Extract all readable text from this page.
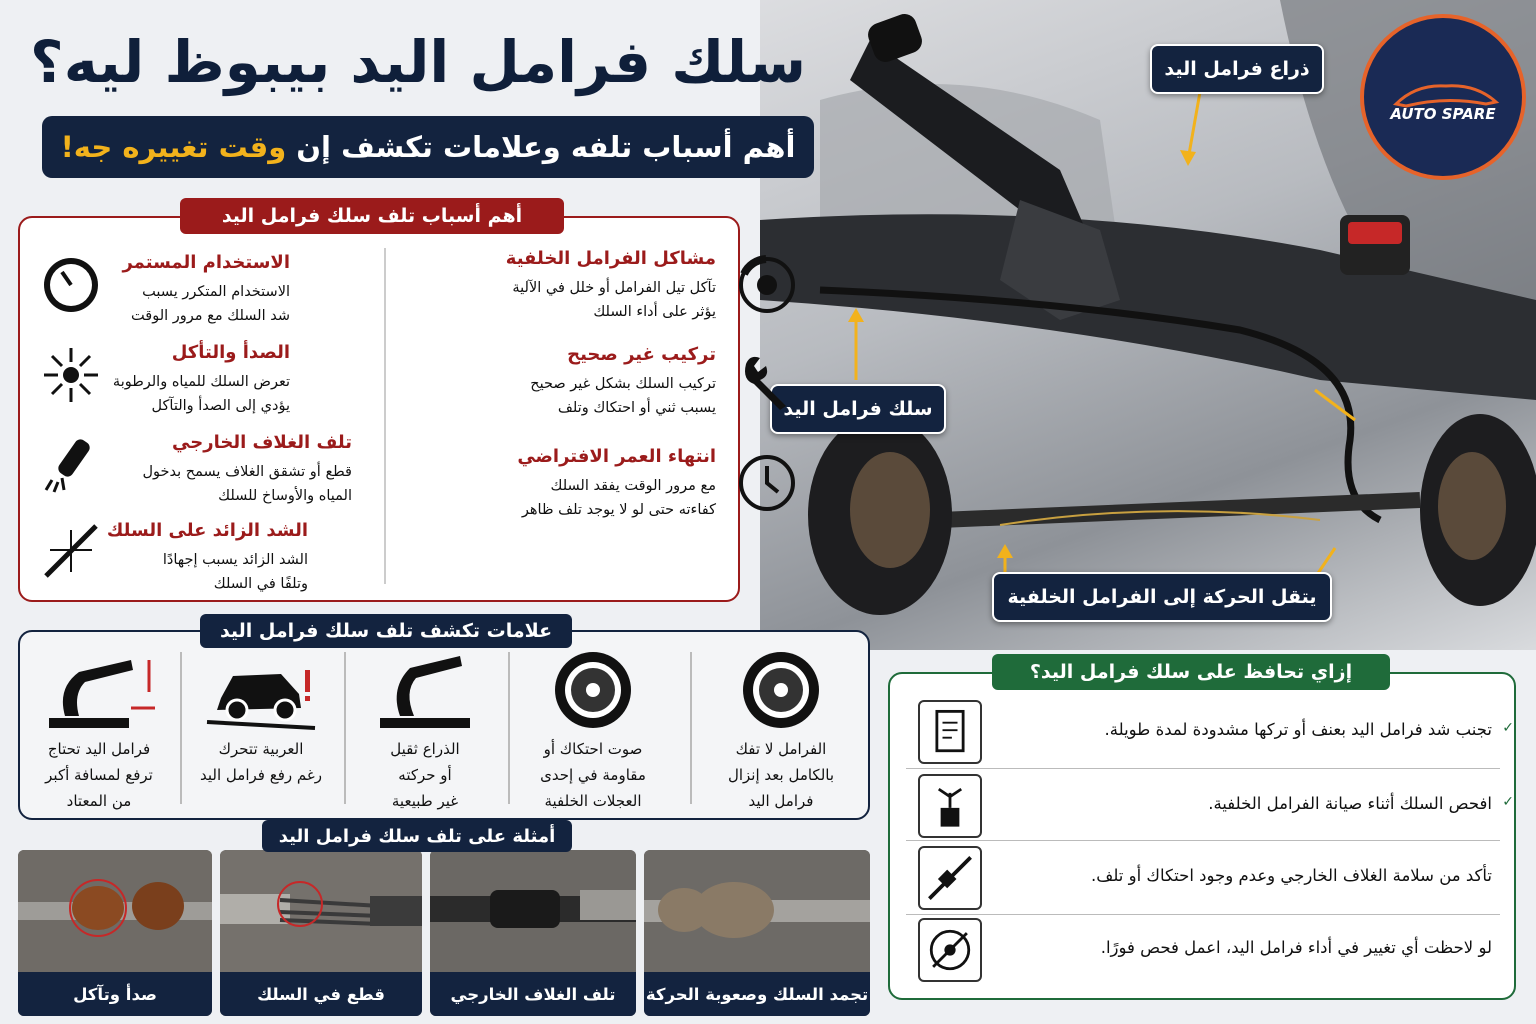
AUTO SPARE
ذراع فرامل اليد
سلك فرامل اليد
يتقل الحركة إلى الفرامل الخلفية
سلك فرامل اليد بيبوظ ليه؟
أهم أسباب تلفه وعلامات تكشف إن
وقت تغييره جه!
أهم أسباب تلف سلك فرامل اليد
مشاكل الفرامل الخلفية
تآكل تيل الفرامل أو خلل في الآلية
يؤثر على أداء السلك
تركيب غير صحيح
تركيب السلك بشكل غير صحيح
يسبب ثني أو احتكاك وتلف
انتهاء العمر الافتراضي
مع مرور الوقت يفقد السلك
كفاءته حتى لو لا يوجد تلف ظاهر
الاستخدام المستمر
الاستخدام المتكرر يسبب
شد السلك مع مرور الوقت
الصدأ والتأكل
تعرض السلك للمياه والرطوبة
يؤدي إلى الصدأ والتآكل
تلف الغلاف الخارجي
قطع أو تشقق الغلاف يسمح بدخول
المياه والأوساخ للسلك
الشد الزائد على السلك
الشد الزائد يسبب إجهادًا
وتلفًا في السلك
علامات تكشف تلف سلك فرامل اليد
الفرامل لا تفك
بالكامل بعد إنزال
فرامل اليد
صوت احتكاك أو
مقاومة في إحدى
العجلات الخلفية
الذراع ثقيل
أو حركته
غير طبيعية
العربية تتحرك
رغم رفع فرامل اليد
فرامل اليد تحتاج
ترفع لمسافة أكبر
من المعتاد
أمثلة على تلف سلك فرامل اليد
تجمد السلك وصعوبة الحركة
تلف الغلاف الخارجي
قطع في السلك
صدأ وتآكل
إزاي تحافظ على سلك فرامل اليد؟
تجنب شد فرامل اليد بعنف أو تركها مشدودة لمدة طويلة. ✓
افحص السلك أثناء صيانة الفرامل الخلفية. ✓
تأكد من سلامة الغلاف الخارجي وعدم وجود احتكاك أو تلف.
لو لاحظت أي تغيير في أداء فرامل اليد، اعمل فحص فورًا.
